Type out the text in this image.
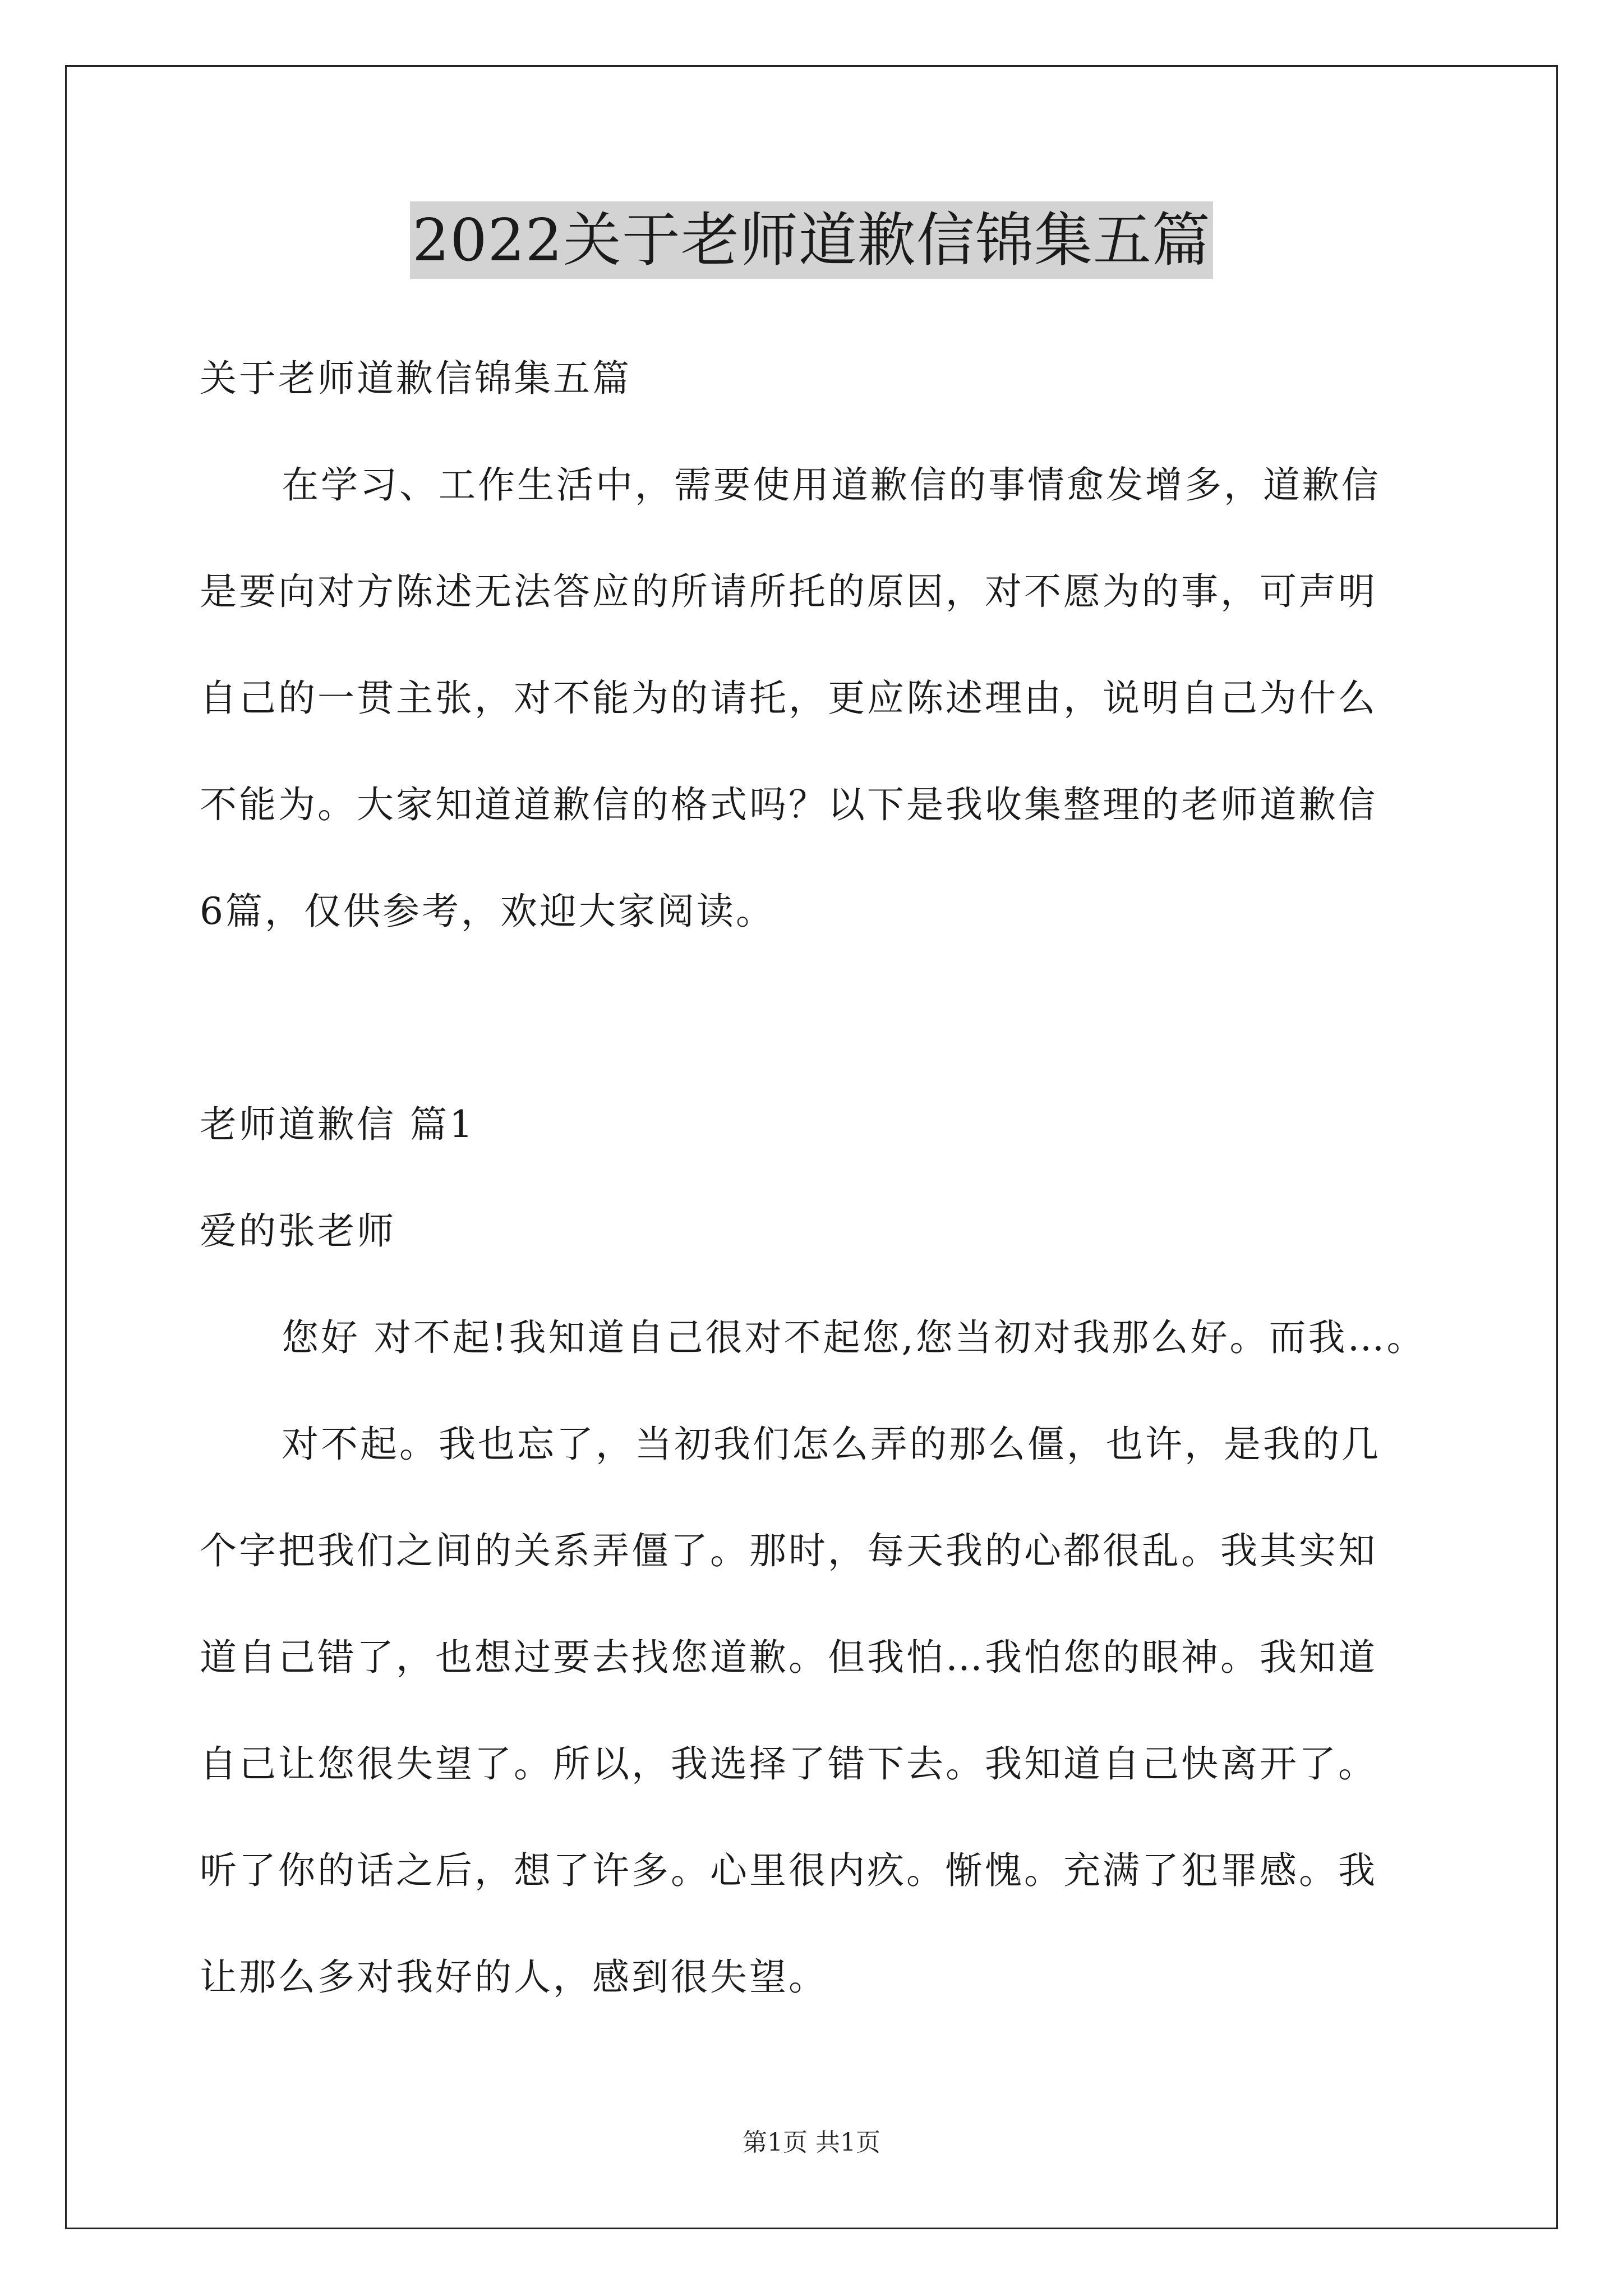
2022关于老师道歉信锦集五篇
关于老师道歉信锦集五篇
在学习、工作生活中，需要使用道歉信的事情愈发增多，道歉信
是要向对方陈述无法答应的所请所托的原因，对不愿为的事，可声明
自己的一贯主张，对不能为的请托，更应陈述理由，说明自己为什么
不能为。大家知道道歉信的格式吗？以下是我收集整理的老师道歉信
6篇，仅供参考，欢迎大家阅读。
老师道歉信 篇1
爱的张老师
您好 对不起!我知道自己很对不起您,您当初对我那么好。而我…。
对不起。我也忘了，当初我们怎么弄的那么僵，也许，是我的几
个字把我们之间的关系弄僵了。那时，每天我的心都很乱。我其实知
道自己错了，也想过要去找您道歉。但我怕…我怕您的眼神。我知道
自己让您很失望了。所以，我选择了错下去。我知道自己快离开了。
听了你的话之后，想了许多。心里很内疚。惭愧。充满了犯罪感。我
让那么多对我好的人，感到很失望。
第1页 共1页
